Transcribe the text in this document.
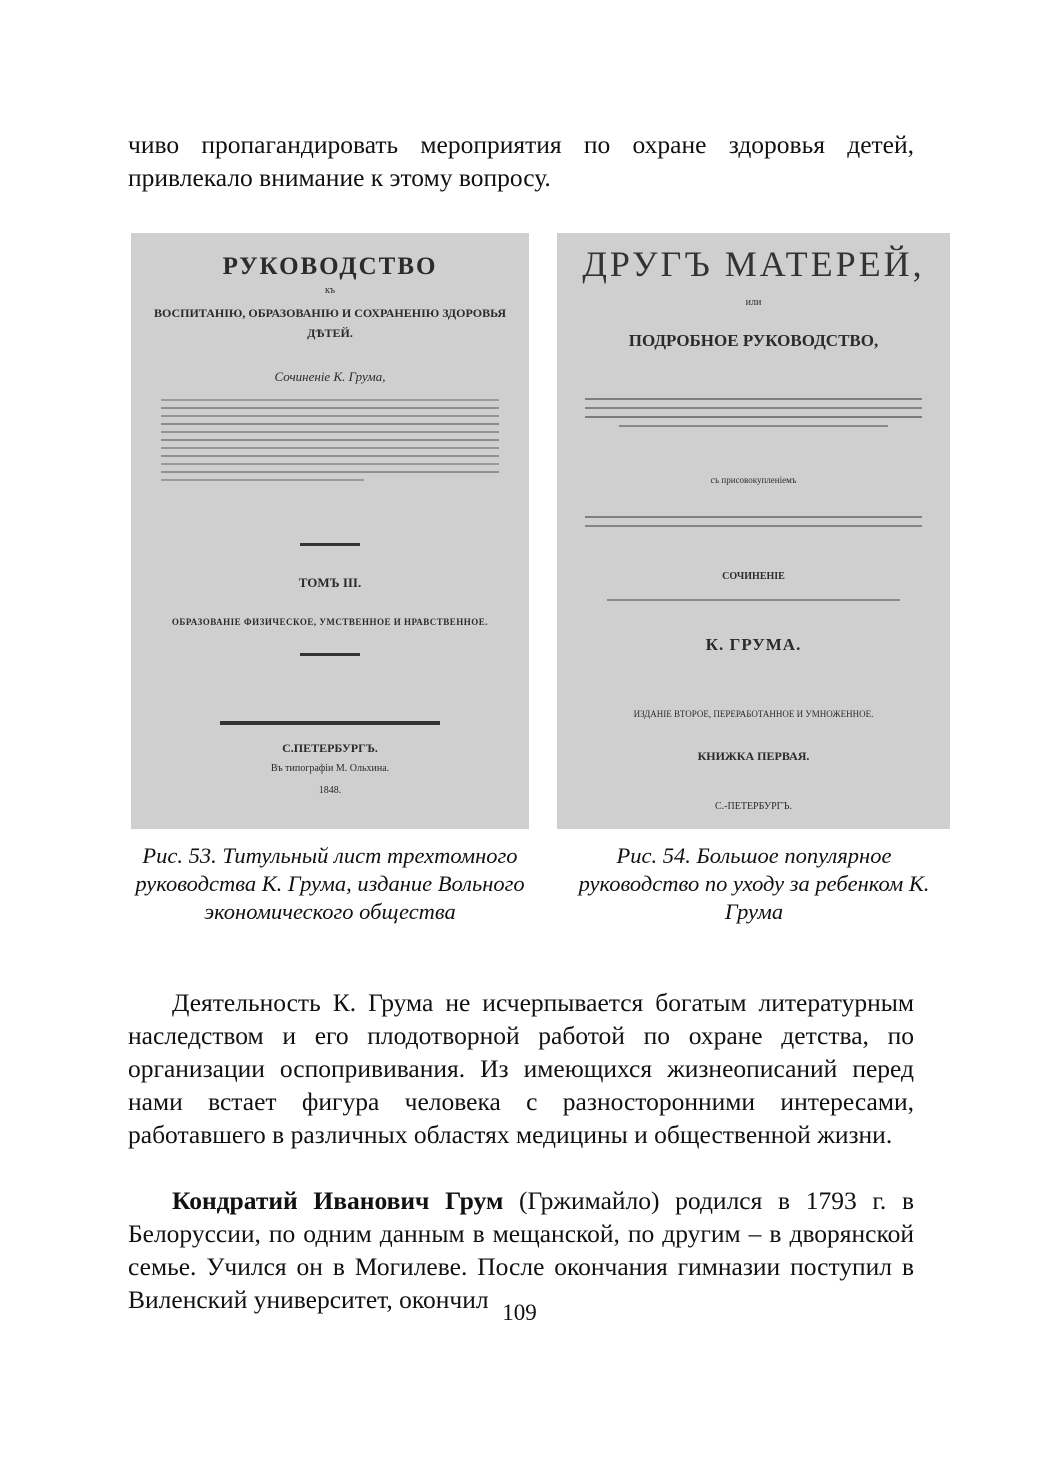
чиво пропагандировать мероприятия по охране здоровья детей, привлекало внимание к этому вопросу.

РУКОВОДСТВО
къ
ВОСПИТАНІЮ, ОБРАЗОВАНІЮ И СОХРАНЕНІЮ ЗДОРОВЬЯ ДѢТЕЙ.
Сочиненіе К. Грума,
ТОМЪ III.
ОБРАЗОВАНІЕ ФИЗИЧЕСКОЕ, УМСТВЕННОЕ И НРАВСТВЕННОЕ.
С.ПЕТЕРБУРГЪ.
Въ типографіи М. Ольхина.
1848.
Рис. 53. Титульный лист трехтомного руководства К. Грума, издание Вольного экономического общества
ДРУГЪ МАТЕРЕЙ,
или
ПОДРОБНОЕ РУКОВОДСТВО,
съ присовокупленіемъ
СОЧИНЕНІЕ
К. ГРУМА.
ИЗДАНІЕ ВТОРОЕ, ПЕРЕРАБОТАННОЕ И УМНОЖЕННОЕ.
КНИЖКА ПЕРВАЯ.
С.-ПЕТЕРБУРГЪ.
Рис. 54. Большое популярное руководство по уходу за ребенком К. Грума

Деятельность К. Грума не исчерпывается богатым литературным наследством и его плодотворной работой по охране детства, по организации оспопрививания. Из имеющихся жизнеописаний перед нами встает фигура человека с разносторонними интересами, работавшего в различных областях медицины и общественной жизни.

Кондратий Иванович Грум (Гржимайло) родился в 1793 г. в Белоруссии, по одним данным в мещанской, по другим – в дворянской семье. Учился он в Могилеве. После окончания гимназии поступил в Виленский университет, окончил 109
